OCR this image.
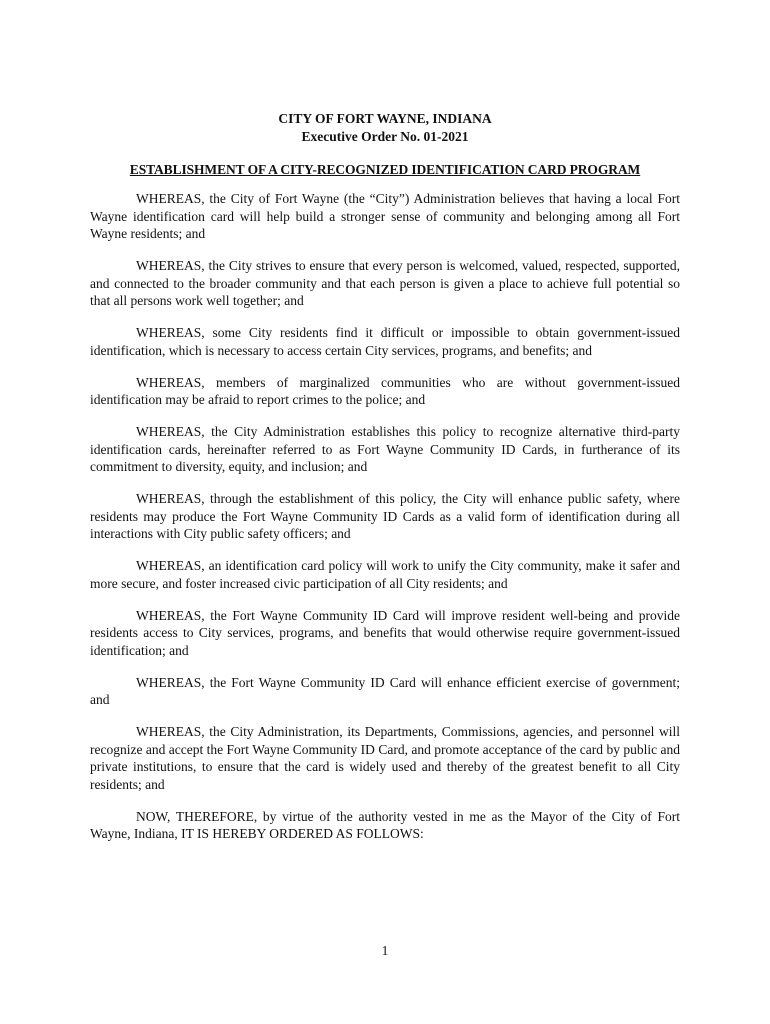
CITY OF FORT WAYNE, INDIANA

Executive Order No. 01-2021

ESTABLISHMENT OF A CITY-RECOGNIZED IDENTIFICATION CARD PROGRAM

WHEREAS, the City of Fort Wayne (the “City”) Administration believes that having a local Fort Wayne identification card will help build a stronger sense of community and belonging among all Fort Wayne residents; and

WHEREAS, the City strives to ensure that every person is welcomed, valued, respected, supported, and connected to the broader community and that each person is given a place to achieve full potential so that all persons work well together; and

WHEREAS, some City residents find it difficult or impossible to obtain government-issued identification, which is necessary to access certain City services, programs, and benefits; and

WHEREAS, members of marginalized communities who are without government-issued identification may be afraid to report crimes to the police; and

WHEREAS, the City Administration establishes this policy to recognize alternative third-party identification cards, hereinafter referred to as Fort Wayne Community ID Cards, in furtherance of its commitment to diversity, equity, and inclusion; and

WHEREAS, through the establishment of this policy, the City will enhance public safety, where residents may produce the Fort Wayne Community ID Cards as a valid form of identification during all interactions with City public safety officers; and

WHEREAS, an identification card policy will work to unify the City community, make it safer and more secure, and foster increased civic participation of all City residents; and

WHEREAS, the Fort Wayne Community ID Card will improve resident well-being and provide residents access to City services, programs, and benefits that would otherwise require government-issued identification; and

WHEREAS, the Fort Wayne Community ID Card will enhance efficient exercise of government; and

WHEREAS, the City Administration, its Departments, Commissions, agencies, and personnel will recognize and accept the Fort Wayne Community ID Card, and promote acceptance of the card by public and private institutions, to ensure that the card is widely used and thereby of the greatest benefit to all City residents; and

NOW, THEREFORE, by virtue of the authority vested in me as the Mayor of the City of Fort Wayne, Indiana, IT IS HEREBY ORDERED AS FOLLOWS:

1
